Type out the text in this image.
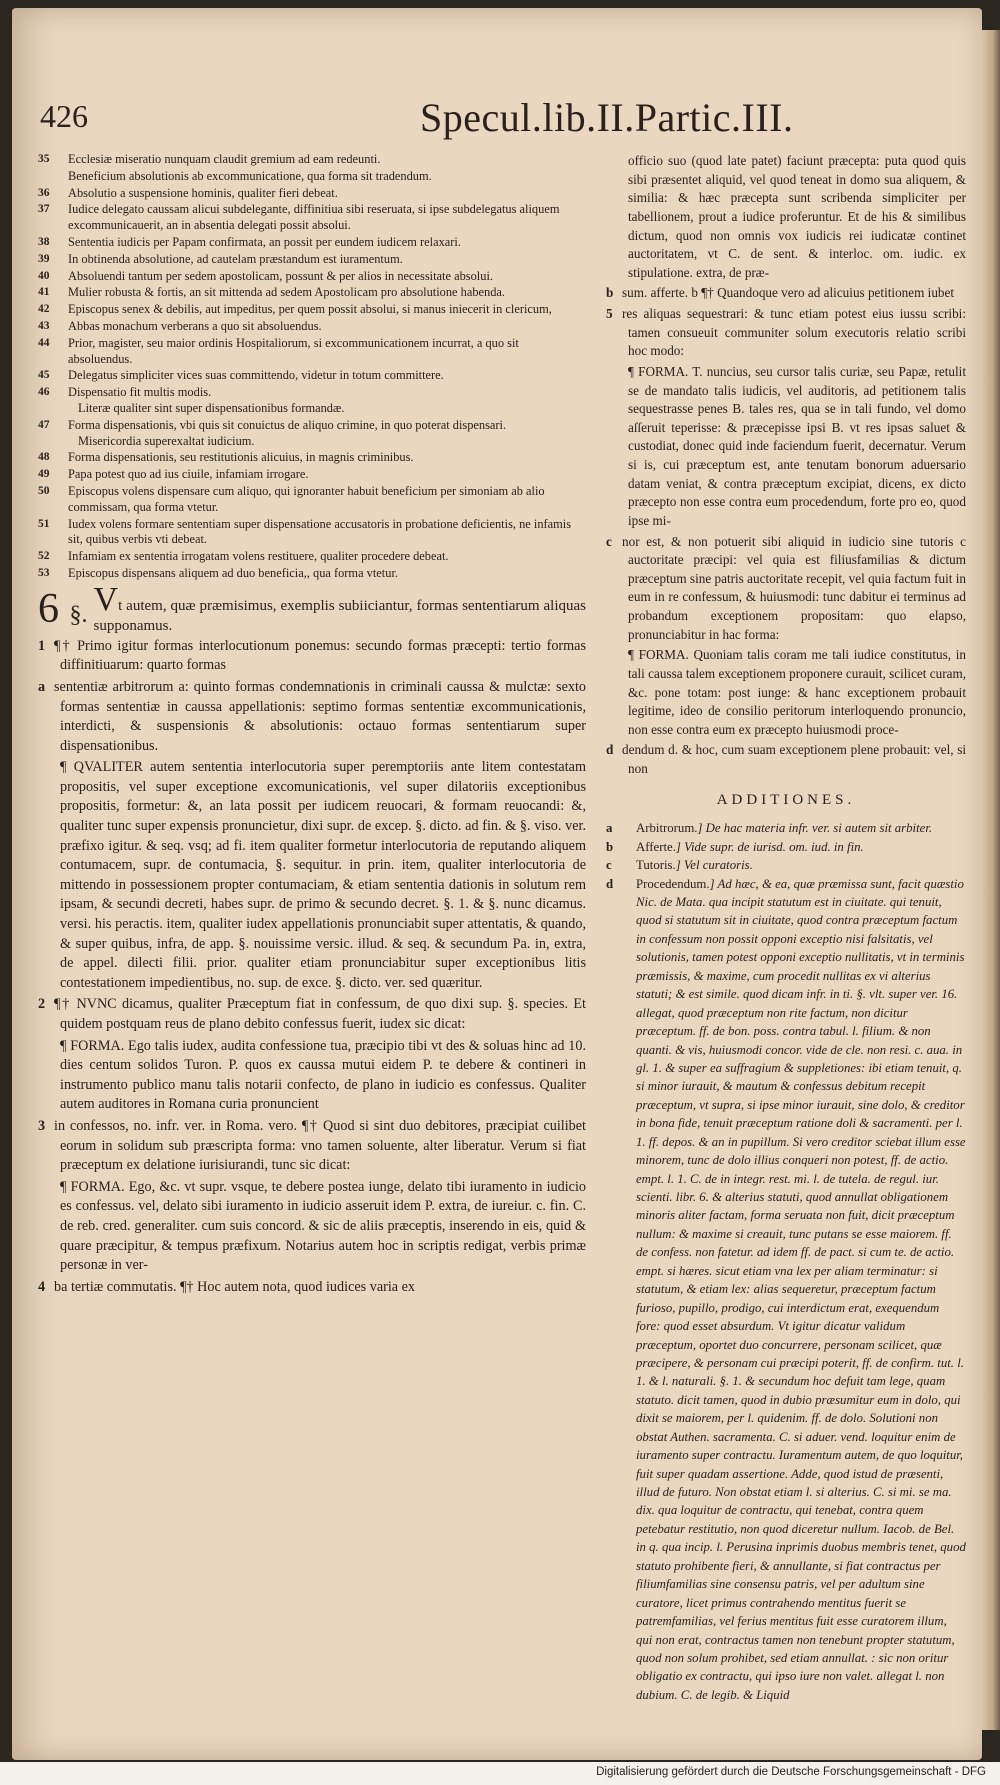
426	Specul.lib.II.Partic.III.
35	Ecclesiæ miseratio nunquam claudit gremium ad eam redeunti.
Beneficium absolutionis ab excommunicatione, qua forma sit tradendum.
36	Absolutio a suspensione hominis, qualiter fieri debeat.
37	Iudice delegato caussam alicui subdelegante, diffinitiua sibi reseruata, si ipse subdelegatus aliquem excommunicauerit, an in absentia delegati possit absolui.
38	Sententia iudicis per Papam confirmata, an possit per eundem iudicem relaxari.
39	In obtinenda absolutione, ad cautelam præstandum est iuramentum.
40	Absoluendi tantum per sedem apostolicam, possunt & per alios in necessitate absolui.
41	Mulier robusta & fortis, an sit mittenda ad sedem Apostolicam pro absolutione habenda.
42	Episcopus senex & debilis, aut impeditus, per quem possit absolui, si manus iniecerit in clericum,
43	Abbas monachum verberans a quo sit absoluendus.
44	Prior, magister, seu maior ordinis Hospitaliorum, si excommunicationem incurrat, a quo sit absoluendus.
45	Delegatus simpliciter vices suas committendo, videtur in totum committere.
46	Dispensatio fit multis modis.
Literæ qualiter sint super dispensationibus formandæ.
47	Forma dispensationis, vbi quis sit conuictus de aliquo crimine, in quo poterat dispensari.
Misericordia superexaltat iudicium.
48	Forma dispensationis, seu restitutionis alicuius, in magnis criminibus.
49	Papa potest quo ad ius ciuile, infamiam irrogare.
50	Episcopus volens dispensare cum aliquo, qui ignoranter habuit beneficium per simoniam ab alio commissam, qua forma vtetur.
51	Iudex volens formare sententiam super dispensatione accusatoris in probatione deficientis, ne infamis sit, quibus verbis vti debeat.
52	Infamiam ex sententia irrogatam volens restituere, qualiter procedere debeat.
53	Episcopus dispensans aliquem ad duo beneficia,, qua forma vtetur.
6 §. Vt autem, quæ præmisimus, exemplis subiiciantur, formas sententiarum aliquas supponamus.

1 ¶† Primo igitur formas interlocutionum ponemus: secundo formas præcepti: tertio formas diffinitiuarum: quarto formas

a sententiæ arbitrorum a: quinto formas condemnationis in criminali caussa & mulctæ: sexto formas sententiæ in caussa appellationis: septimo formas sententiæ excommunicationis, interdicti, & suspensionis & absolutionis: octauo formas sententiarum super dispensationibus.

¶ QVALITER autem sententia interlocutoria super peremptoriis ante litem contestatam propositis, vel super exceptione excomunicationis, vel super dilatoriis exceptionibus propositis, formetur: &, an lata possit per iudicem reuocari, & formam reuocandi: &, qualiter tunc super expensis pronuncietur, dixi supr. de excep. §. dicto. ad fin. & §. viso. ver. præfixo igitur. & seq. vsq; ad fi. item qualiter formetur interlocutoria de reputando aliquem contumacem, supr. de contumacia, §. sequitur. in prin. item, qualiter interlocutoria de mittendo in possessionem propter contumaciam, & etiam sententia dationis in solutum rem ipsam, & secundi decreti, habes supr. de primo & secundo decret. §. 1. & §. nunc dicamus. versi. his peractis. item, qualiter iudex appellationis pronunciabit super attentatis, & quando, & super quibus, infra, de app. §. nouissime versic. illud. & seq. & secundum Pa. in, extra, de appel. dilecti filii. prior. qualiter etiam pronunciabitur super exceptionibus litis contestationem impedientibus, no. sup. de exce. §. dicto. ver. sed quæritur.

2 ¶† NVNC dicamus, qualiter Præceptum fiat in confessum, de quo dixi sup. §. species. Et quidem postquam reus de plano debito confessus fuerit, iudex sic dicat:

¶ FORMA. Ego talis iudex, audita confessione tua, præcipio tibi vt des & soluas hinc ad 10. dies centum solidos Turon. P. quos ex caussa mutui eidem P. te debere & contineri in instrumento publico manu talis notarii confecto, de plano in iudicio es confessus. Qualiter autem auditores in Romana curia pronuncient

3 in confessos, no. infr. ver. in Roma. vero. ¶† Quod si sint duo debitores, præcipiat cuilibet eorum in solidum sub præscripta forma: vno tamen soluente, alter liberatur. Verum si fiat præceptum ex delatione iurisiurandi, tunc sic dicat:

¶ FORMA. Ego, &c. vt supr. vsque, te debere postea iunge, delato tibi iuramento in iudicio es confessus. vel, delato sibi iuramento in iudicio asseruit idem P. extra, de iureiur. c. fin. C. de reb. cred. generaliter. cum suis concord. & sic de aliis præceptis, inserendo in eis, quid & quare præcipitur, & tempus præfixum. Notarius autem hoc in scriptis redigat, verbis primæ personæ in ver-

4 ba tertiæ commutatis. ¶† Hoc autem nota, quod iudices varia ex

officio suo (quod late patet) faciunt præcepta: puta quod quis sibi præsentet aliquid, vel quod teneat in domo sua aliquem, & similia: & hæc præcepta sunt scribenda simpliciter per tabellionem, prout a iudice proferuntur. Et de his & similibus dictum, quod non omnis vox iudicis rei iudicatæ continet auctoritatem, vt C. de sent. & interloc. om. iudic. ex stipulatione. extra, de præ-

b sum. afferte. b ¶† Quandoque vero ad alicuius petitionem iubet

5 res aliquas sequestrari: & tunc etiam potest eius iussu scribi: tamen consueuit communiter solum executoris relatio scribi hoc modo:

¶ FORMA. T. nuncius, seu cursor talis curiæ, seu Papæ, retulit se de mandato talis iudicis, vel auditoris, ad petitionem talis sequestrasse penes B. tales res, qua se in tali fundo, vel domo aſſeruit teperisse: & præcepisse ipsi B. vt res ipsas saluet & custodiat, donec quid inde faciendum fuerit, decernatur. Verum si is, cui præceptum est, ante tenutam bonorum aduersario datam veniat, & contra præceptum excipiat, dicens, ex dicto præcepto non esse contra eum procedendum, forte pro eo, quod ipse mi-

c nor est, & non potuerit sibi aliquid in iudicio sine tutoris c auctoritate præcipi: vel quia est filiusfamilias & dictum præceptum sine patris auctoritate recepit, vel quia factum fuit in eum in re confessum, & huiusmodi: tunc dabitur ei terminus ad probandum exceptionem propositam: quo elapso, pronunciabitur in hac forma:

¶ FORMA. Quoniam talis coram me tali iudice constitutus, in tali caussa talem exceptionem proponere curauit, scilicet curam, &c. pone totam: post iunge: & hanc exceptionem probauit legitime, ideo de consilio peritorum interloquendo pronuncio, non esse contra eum ex præcepto huiusmodi proce-

d dendum d. & hoc, cum suam exceptionem plene probauit: vel, si non

ADDITIONES.
a Arbitrorum.] De hac materia infr. ver. si autem sit arbiter.
b Afferte.] Vide supr. de iurisd. om. iud. in fin.
c Tutoris.] Vel curatoris.
d Procedendum.] Ad hæc, & ea, quæ præmissa sunt, facit quæstio Nic. de Mata. qua incipit statutum est in ciuitate. qui tenuit, quod si statutum sit in ciuitate, quod contra præceptum factum in confessum non possit opponi exceptio nisi falsitatis, vel solutionis, tamen potest opponi exceptio nullitatis, vt in terminis præmissis, & maxime, cum procedit nullitas ex vi alterius statuti; & est simile. quod dicam infr. in ti. §. vlt. super ver. 16. allegat, quod præceptum non rite factum, non dicitur præceptum. ff. de bon. poss. contra tabul. l. filium. & non quanti. & vis, huiusmodi concor. vide de cle. non resi. c. aua. in gl. 1. & super ea suffragium & suppletiones: ibi etiam tenuit, q. si minor iurauit, & mautum & confessus debitum recepit præceptum, vt supra, si ipse minor iurauit, sine dolo, & creditor in bona fide, tenuit præceptum ratione doli & sacramenti. per l. 1. ff. depos. & an in pupillum. Si vero creditor sciebat illum esse minorem, tunc de dolo illius conqueri non potest, ff. de actio. empt. l. 1. C. de in integr. rest. mi. l. de tutela. de regul. iur. scienti. libr. 6. & alterius statuti, quod annullat obligationem minoris aliter factam, forma seruata non fuit, dicit præceptum nullum: & maxime si creauit, tunc putans se esse maiorem. ff. de confess. non fatetur. ad idem ff. de pact. si cum te. de actio. empt. si hæres. sicut etiam vna lex per aliam terminatur: si statutum, & etiam lex: alias sequeretur, præceptum factum furioso, pupillo, prodigo, cui interdictum erat, exequendum fore: quod esset absurdum. Vt igitur dicatur validum præceptum, oportet duo concurrere, personam scilicet, quæ præcipere, & personam cui præcipi poterit, ff. de confirm. tut. l. 1. & l. naturali. §. 1. & secundum hoc defuit tam lege, quam statuto. dicit tamen, quod in dubio præsumitur eum in dolo, qui dixit se maiorem, per l. quidenim. ff. de dolo. Solutioni non obstat Authen. sacramenta. C. si aduer. vend. loquitur enim de iuramento super contractu. Iuramentum autem, de quo loquitur, fuit super quadam assertione. Adde, quod istud de præsenti, illud de futuro. Non obstat etiam l. si alterius. C. si mi. se ma. dix. qua loquitur de contractu, qui tenebat, contra quem petebatur restitutio, non quod diceretur nullum. Iacob. de Bel. in q. qua incip. l. Perusina inprimis duobus membris tenet, quod statuto prohibente fieri, & annullante, si fiat contractus per filiumfamilias sine consensu patris, vel per adultum sine curatore, licet primus contrahendo mentitus fuerit se patremfamilias, vel ferius mentitus fuit esse curatorem illum, qui non erat, contractus tamen non tenebunt propter statutum, quod non solum prohibet, sed etiam annullat. : sic non oritur obligatio ex contractu, qui ipso iure non valet. allegat l. non dubium. C. de legib. & Liquid
Digitalisierung gefördert durch die Deutsche Forschungsgemeinschaft - DFG
